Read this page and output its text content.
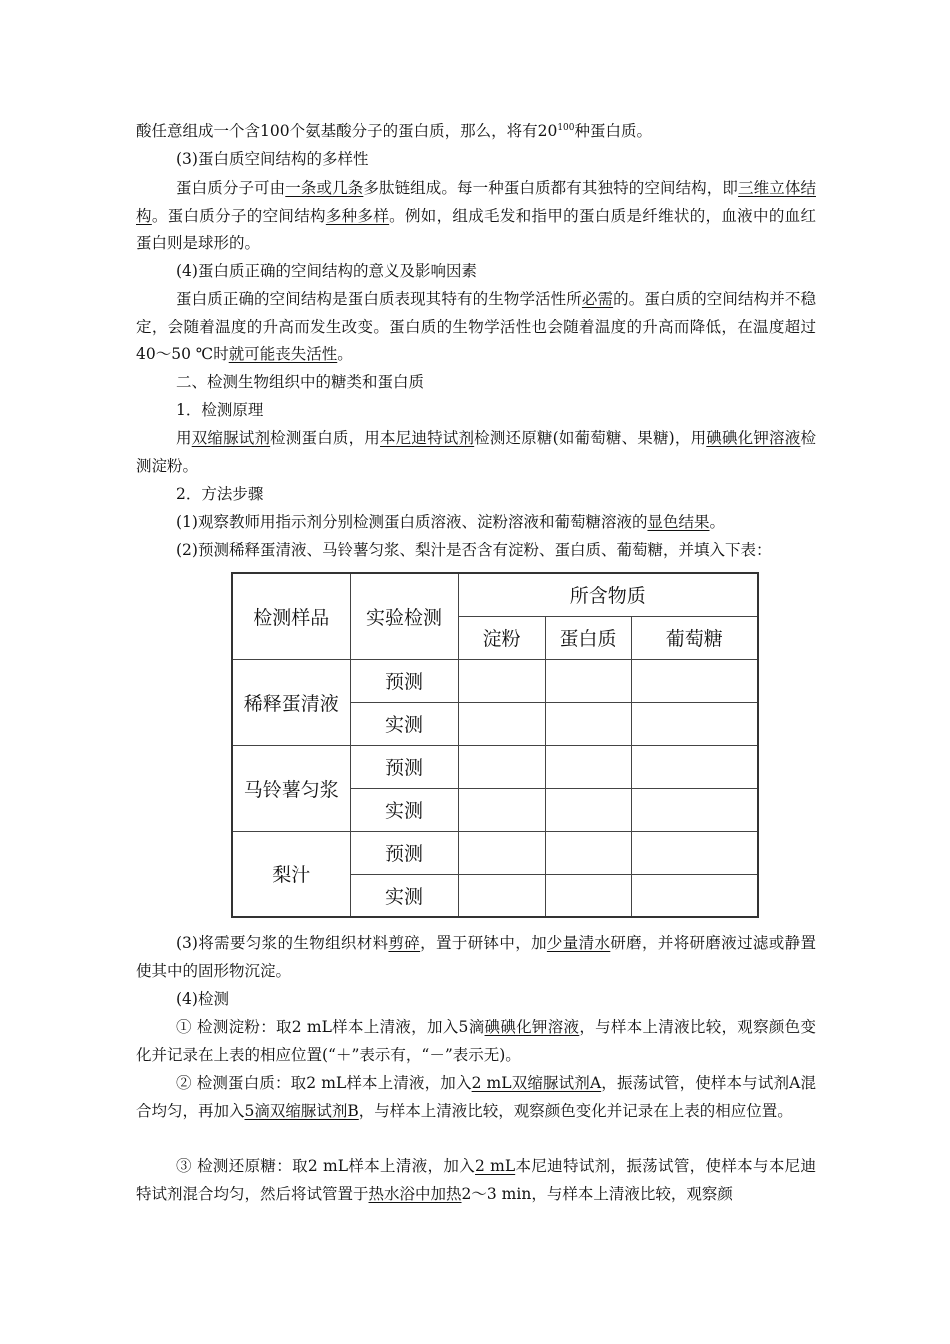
酸任意组成一个含100个氨基酸分子的蛋白质，那么，将有$20^{100}$种蛋白质。

(3)蛋白质空间结构的多样性

蛋白质分子可由一条或几条多肽链组成。每一种蛋白质都有其独特的空间结构，即三维立体结构。蛋白质分子的空间结构多种多样。例如，组成毛发和指甲的蛋白质是纤维状的，血液中的血红蛋白则是球形的。

(4)蛋白质正确的空间结构的意义及影响因素

蛋白质正确的空间结构是蛋白质表现其特有的生物学活性所必需的。蛋白质的空间结构并不稳定，会随着温度的升高而发生改变。蛋白质的生物学活性也会随着温度的升高而降低，在温度超过40～50 ℃时就可能丧失活性。

二、检测生物组织中的糖类和蛋白质

1．检测原理

用双缩脲试剂检测蛋白质，用本尼迪特试剂检测还原糖(如葡萄糖、果糖)，用碘碘化钾溶液检测淀粉。

2．方法步骤

(1)观察教师用指示剂分别检测蛋白质溶液、淀粉溶液和葡萄糖溶液的显色结果。

(2)预测稀释蛋清液、马铃薯匀浆、梨汁是否含有淀粉、蛋白质、葡萄糖，并填入下表：

检测样品	实验检测	所含物质		
		淀粉	蛋白质	葡萄糖
稀释蛋清液	预测			
	实测			
马铃薯匀浆	预测			
	实测			
梨汁	预测			
	实测			

(3)将需要匀浆的生物组织材料剪碎，置于研钵中，加少量清水研磨，并将研磨液过滤或静置使其中的固形物沉淀。

(4)检测

① 检测淀粉：取2 mL样本上清液，加入5滴碘碘化钾溶液，与样本上清液比较，观察颜色变化并记录在上表的相应位置(“＋”表示有，“－”表示无)。

② 检测蛋白质：取2 mL样本上清液，加入2 mL双缩脲试剂A，振荡试管，使样本与试剂A混合均匀，再加入5滴双缩脲试剂B，与样本上清液比较，观察颜色变化并记录在上表的相应位置。

③ 检测还原糖：取2 mL样本上清液，加入2 mL本尼迪特试剂，振荡试管，使样本与本尼迪特试剂混合均匀，然后将试管置于热水浴中加热2～3 min，与样本上清液比较，观察颜
